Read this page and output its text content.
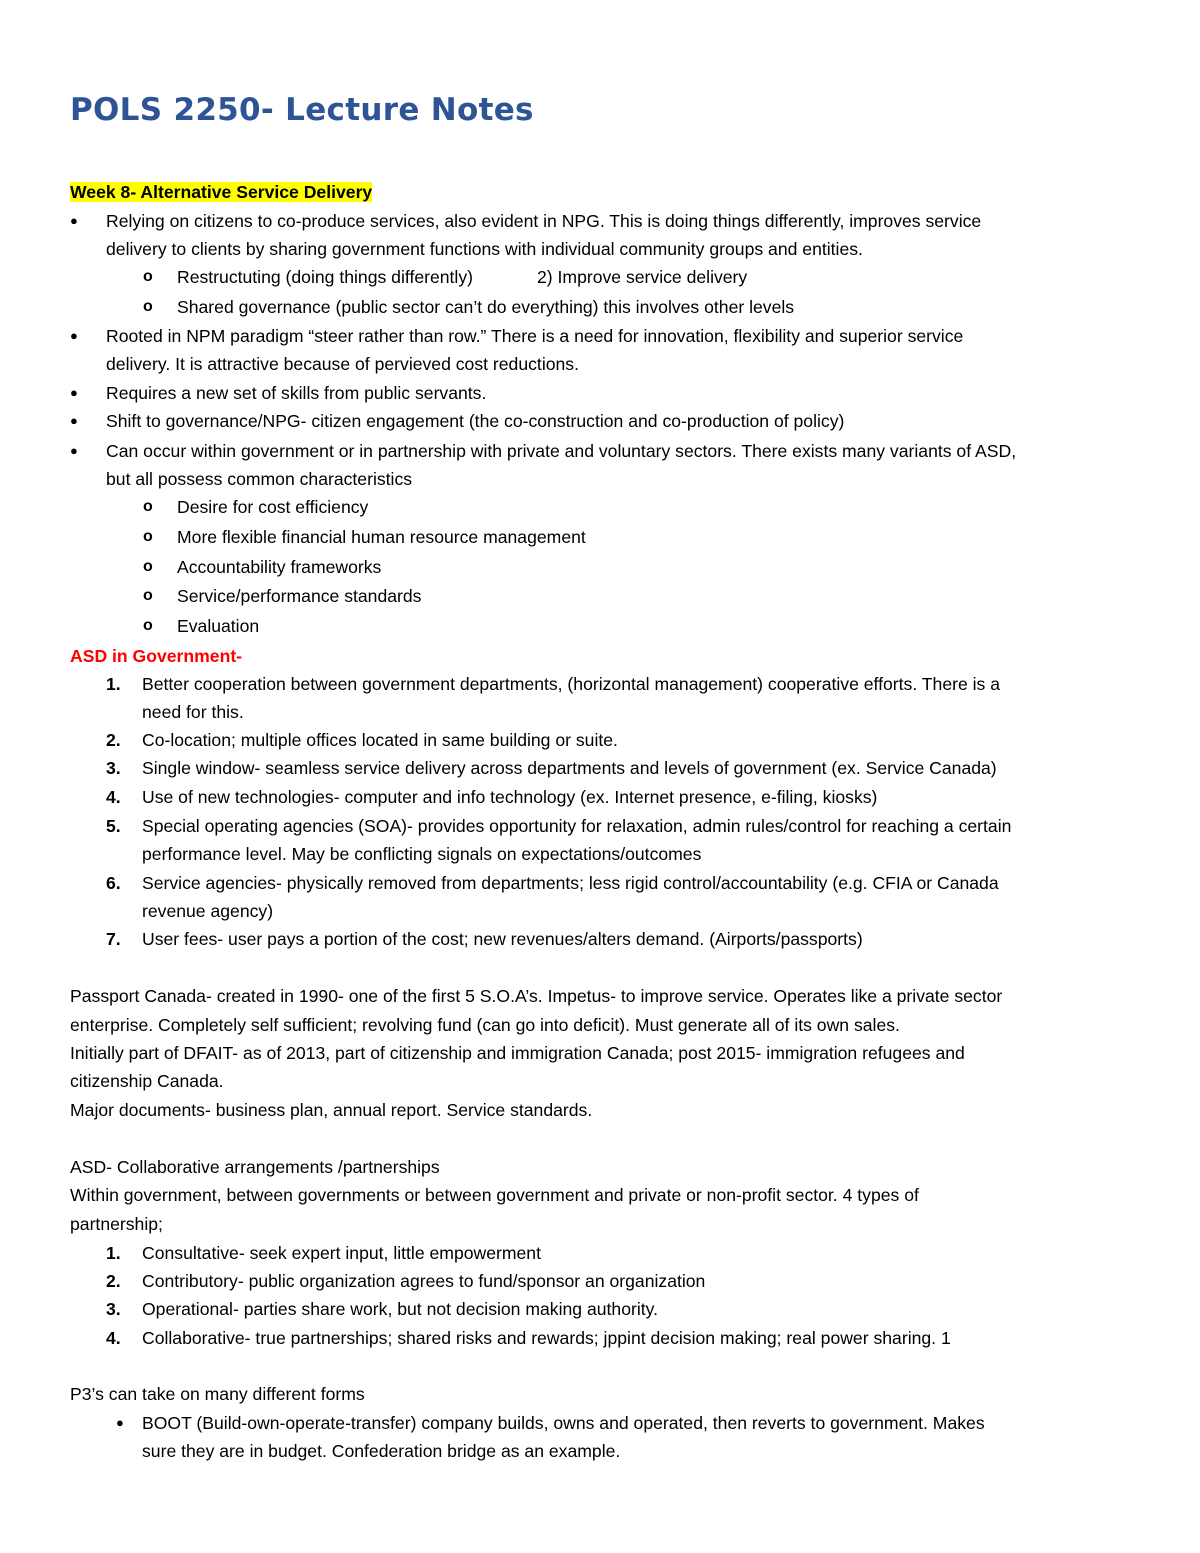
POLS 2250- Lecture Notes
Week 8- Alternative Service Delivery
● Relying on citizens to co-produce services, also evident in NPG. This is doing things differently, improves service
delivery to clients by sharing government functions with individual community groups and entities.
o Restructuting (doing things differently)	2) Improve service delivery
o Shared governance (public sector can’t do everything) this involves other levels
● Rooted in NPM paradigm “steer rather than row.” There is a need for innovation, flexibility and superior service
delivery. It is attractive because of pervieved cost reductions.
● Requires a new set of skills from public servants.
● Shift to governance/NPG- citizen engagement (the co-construction and co-production of policy)
● Can occur within government or in partnership with private and voluntary sectors. There exists many variants of ASD,
but all possess common characteristics
o Desire for cost efficiency
o More flexible financial human resource management
o Accountability frameworks
o Service/performance standards
o Evaluation
ASD in Government-
1. Better cooperation between government departments, (horizontal management) cooperative efforts. There is a
need for this.
2. Co-location; multiple offices located in same building or suite.
3. Single window- seamless service delivery across departments and levels of government (ex. Service Canada)
4. Use of new technologies- computer and info technology (ex. Internet presence, e-filing, kiosks)
5. Special operating agencies (SOA)- provides opportunity for relaxation, admin rules/control for reaching a certain
performance level. May be conflicting signals on expectations/outcomes
6. Service agencies- physically removed from departments; less rigid control/accountability (e.g. CFIA or Canada
revenue agency)
7. User fees- user pays a portion of the cost; new revenues/alters demand. (Airports/passports)
Passport Canada- created in 1990- one of the first 5 S.O.A’s. Impetus- to improve service. Operates like a private sector
enterprise. Completely self sufficient; revolving fund (can go into deficit). Must generate all of its own sales.
Initially part of DFAIT- as of 2013, part of citizenship and immigration Canada; post 2015- immigration refugees and
citizenship Canada.
Major documents- business plan, annual report. Service standards.
ASD- Collaborative arrangements /partnerships
Within government, between governments or between government and private or non-profit sector. 4 types of
partnership;
1. Consultative- seek expert input, little empowerment
2. Contributory- public organization agrees to fund/sponsor an organization
3. Operational- parties share work, but not decision making authority.
4. Collaborative- true partnerships; shared risks and rewards; jppint decision making; real power sharing. 1
P3’s can take on many different forms
● BOOT (Build-own-operate-transfer) company builds, owns and operated, then reverts to government. Makes
sure they are in budget. Confederation bridge as an example.
